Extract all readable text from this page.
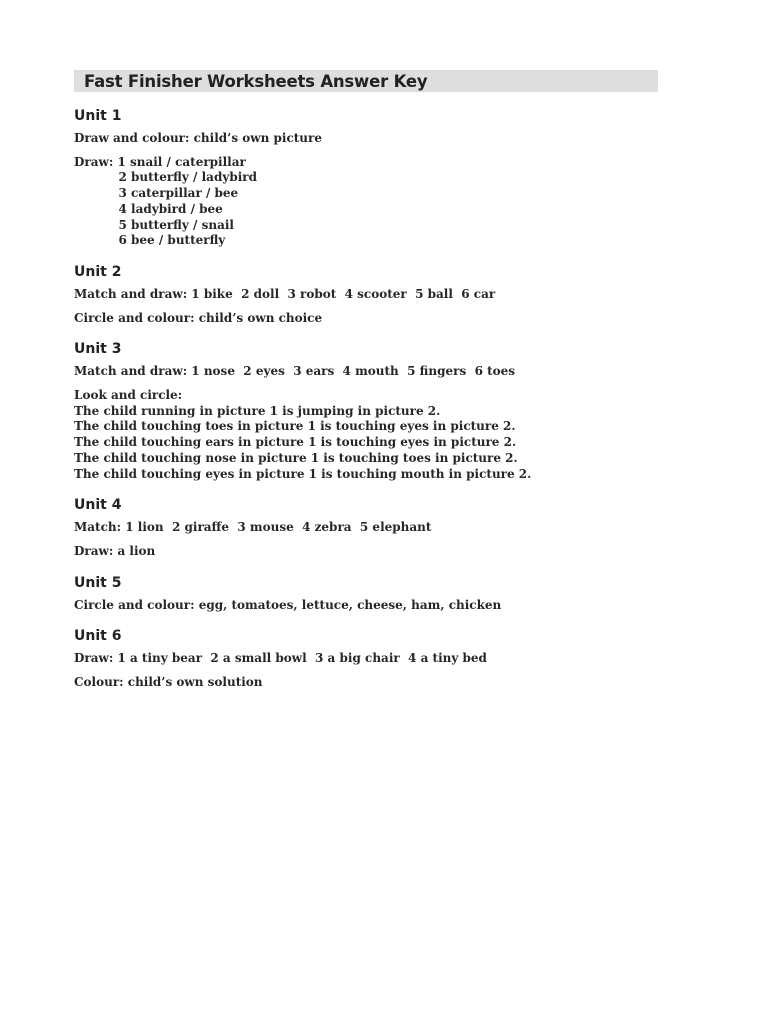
Fast Finisher Worksheets Answer Key
Unit 1

Draw and colour: child’s own picture

Draw: 1 snail / caterpillar

2 butterfly / ladybird

3 caterpillar / bee

4 ladybird / bee

5 butterfly / snail

6 bee / butterfly

Unit 2

Match and draw: 1 bike  2 doll  3 robot  4 scooter  5 ball  6 car

Circle and colour: child’s own choice

Unit 3

Match and draw: 1 nose  2 eyes  3 ears  4 mouth  5 fingers  6 toes

Look and circle:

The child running in picture 1 is jumping in picture 2.

The child touching toes in picture 1 is touching eyes in picture 2.

The child touching ears in picture 1 is touching eyes in picture 2.

The child touching nose in picture 1 is touching toes in picture 2.

The child touching eyes in picture 1 is touching mouth in picture 2.

Unit 4

Match: 1 lion  2 giraffe  3 mouse  4 zebra  5 elephant

Draw: a lion

Unit 5

Circle and colour: egg, tomatoes, lettuce, cheese, ham, chicken

Unit 6

Draw: 1 a tiny bear  2 a small bowl  3 a big chair  4 a tiny bed

Colour: child’s own solution
